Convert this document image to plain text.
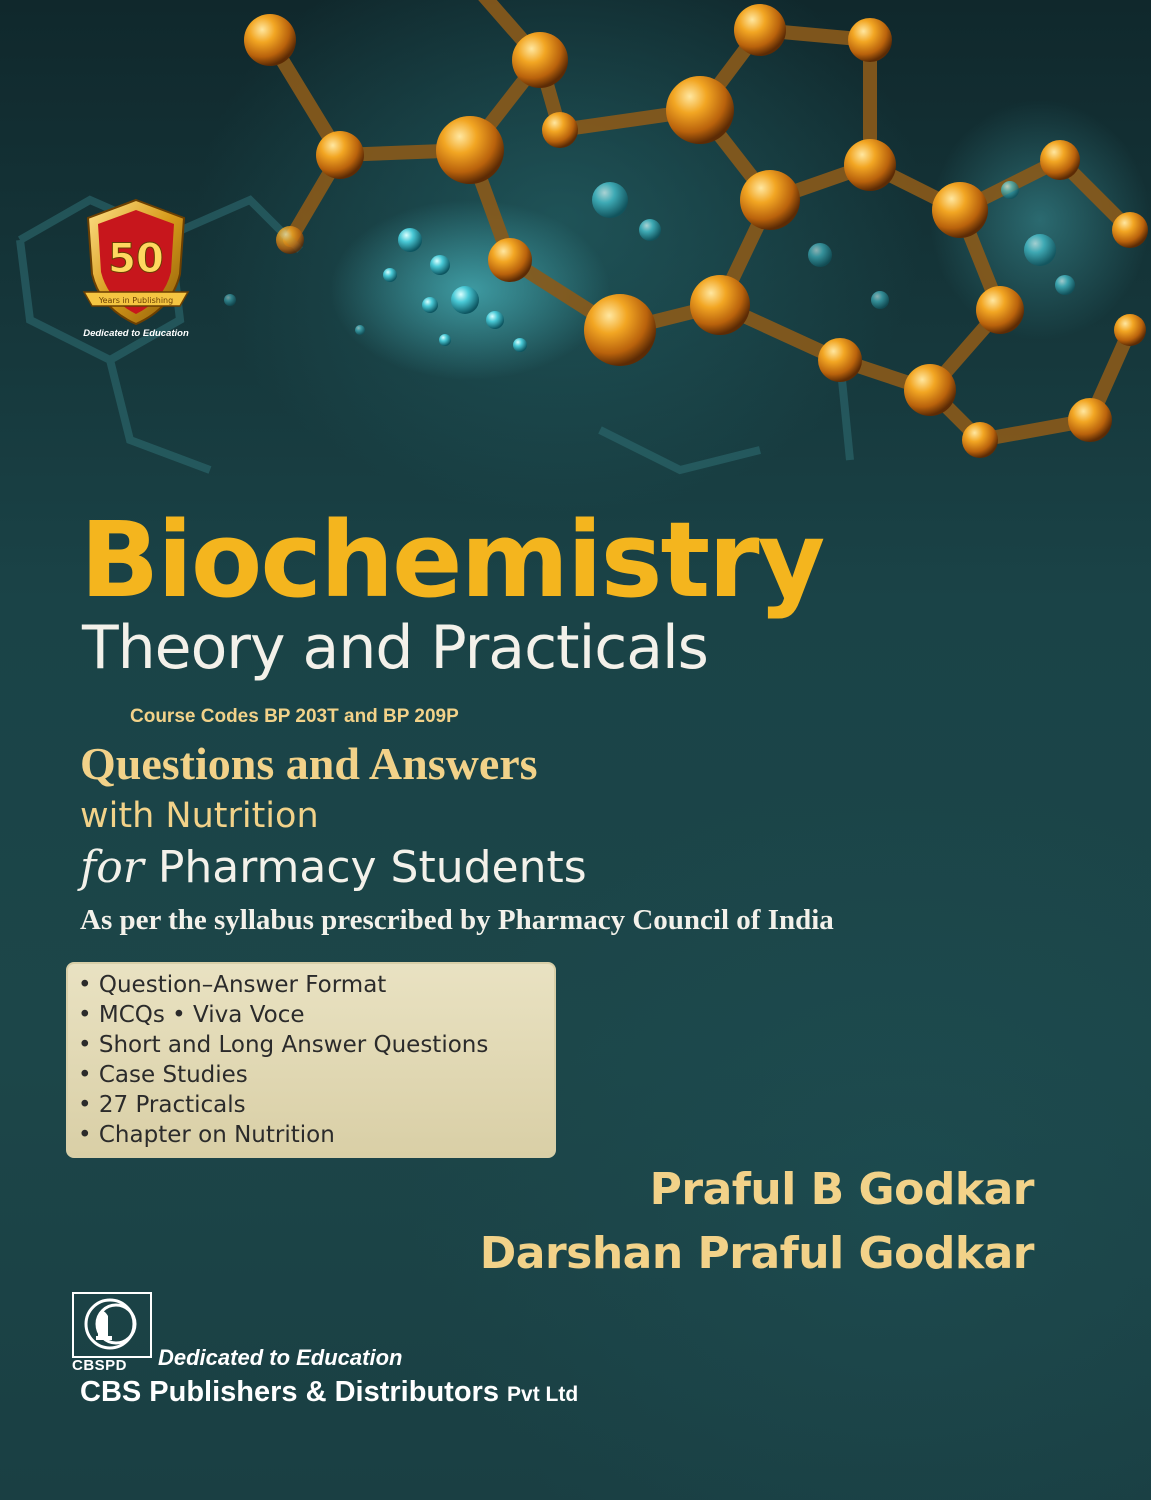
50
Years in Publishing
Dedicated to Education
Biochemistry
Theory and Practicals
Course Codes BP 203T and BP 209P
Questions and Answers
with Nutrition
for Pharmacy Students
As per the syllabus prescribed by Pharmacy Council of India
• Question–Answer Format
• MCQs • Viva Voce
• Short and Long Answer Questions
• Case Studies
• 27 Practicals
• Chapter on Nutrition
Praful B Godkar
Darshan Praful Godkar
CBSPD Dedicated to Education
CBS Publishers & Distributors Pvt Ltd
